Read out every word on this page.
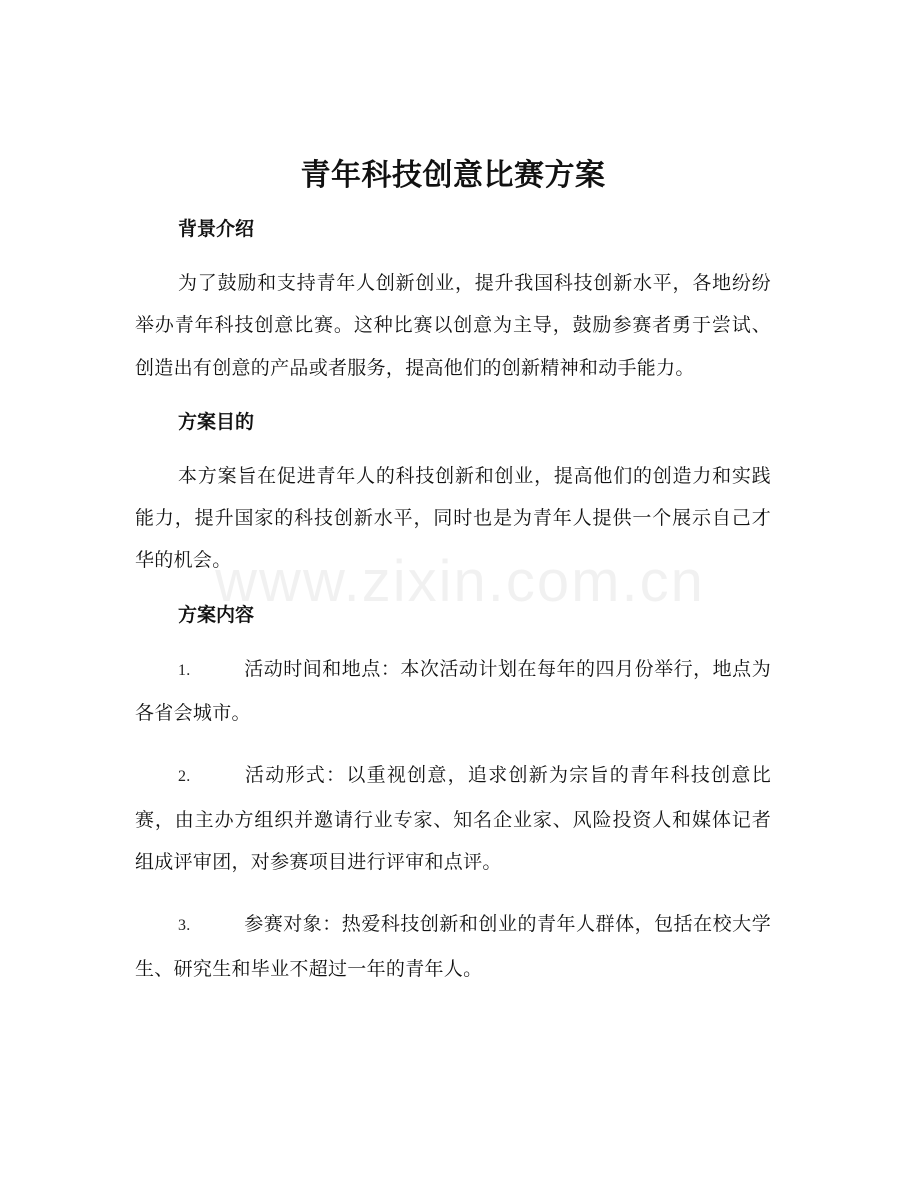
www.zixin.com.cn
青年科技创意比赛方案
背景介绍

为了鼓励和支持青年人创新创业，提升我国科技创新水平，各地纷纷举办青年科技创意比赛。这种比赛以创意为主导，鼓励参赛者勇于尝试、创造出有创意的产品或者服务，提高他们的创新精神和动手能力。

方案目的

本方案旨在促进青年人的科技创新和创业，提高他们的创造力和实践能力，提升国家的科技创新水平，同时也是为青年人提供一个展示自己才华的机会。

方案内容
1.	活动时间和地点：本次活动计划在每年的四月份举行，地点为各省会城市。
2.	活动形式：以重视创意，追求创新为宗旨的青年科技创意比赛，由主办方组织并邀请行业专家、知名企业家、风险投资人和媒体记者组成评审团，对参赛项目进行评审和点评。
3.	参赛对象：热爱科技创新和创业的青年人群体，包括在校大学生、研究生和毕业不超过一年的青年人。
